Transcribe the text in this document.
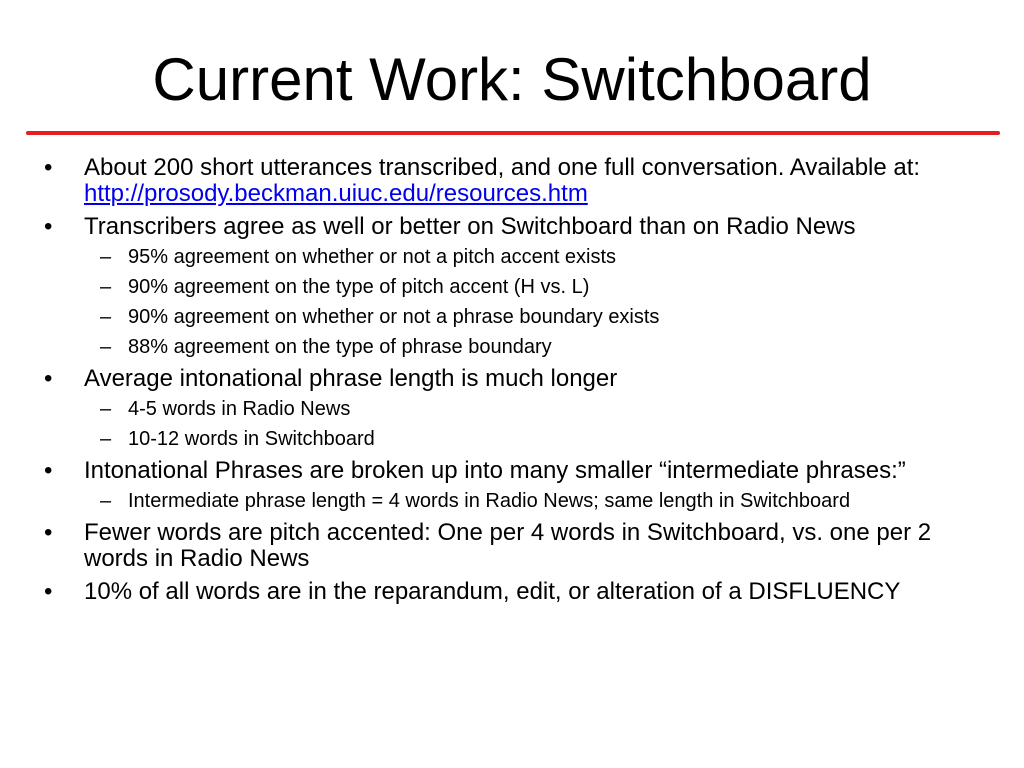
Current Work: Switchboard
• About 200 short utterances transcribed, and one full conversation. Available at: http://prosody.beckman.uiuc.edu/resources.htm
• Transcribers agree as well or better on Switchboard than on Radio News
– 95% agreement on whether or not a pitch accent exists
– 90% agreement on the type of pitch accent (H vs. L)
– 90% agreement on whether or not a phrase boundary exists
– 88% agreement on the type of phrase boundary
• Average intonational phrase length is much longer
– 4-5 words in Radio News
– 10-12 words in Switchboard
• Intonational Phrases are broken up into many smaller “intermediate phrases:”
– Intermediate phrase length = 4 words in Radio News; same length in Switchboard
• Fewer words are pitch accented: One per 4 words in Switchboard, vs. one per 2 words in Radio News
• 10% of all words are in the reparandum, edit, or alteration of a DISFLUENCY
